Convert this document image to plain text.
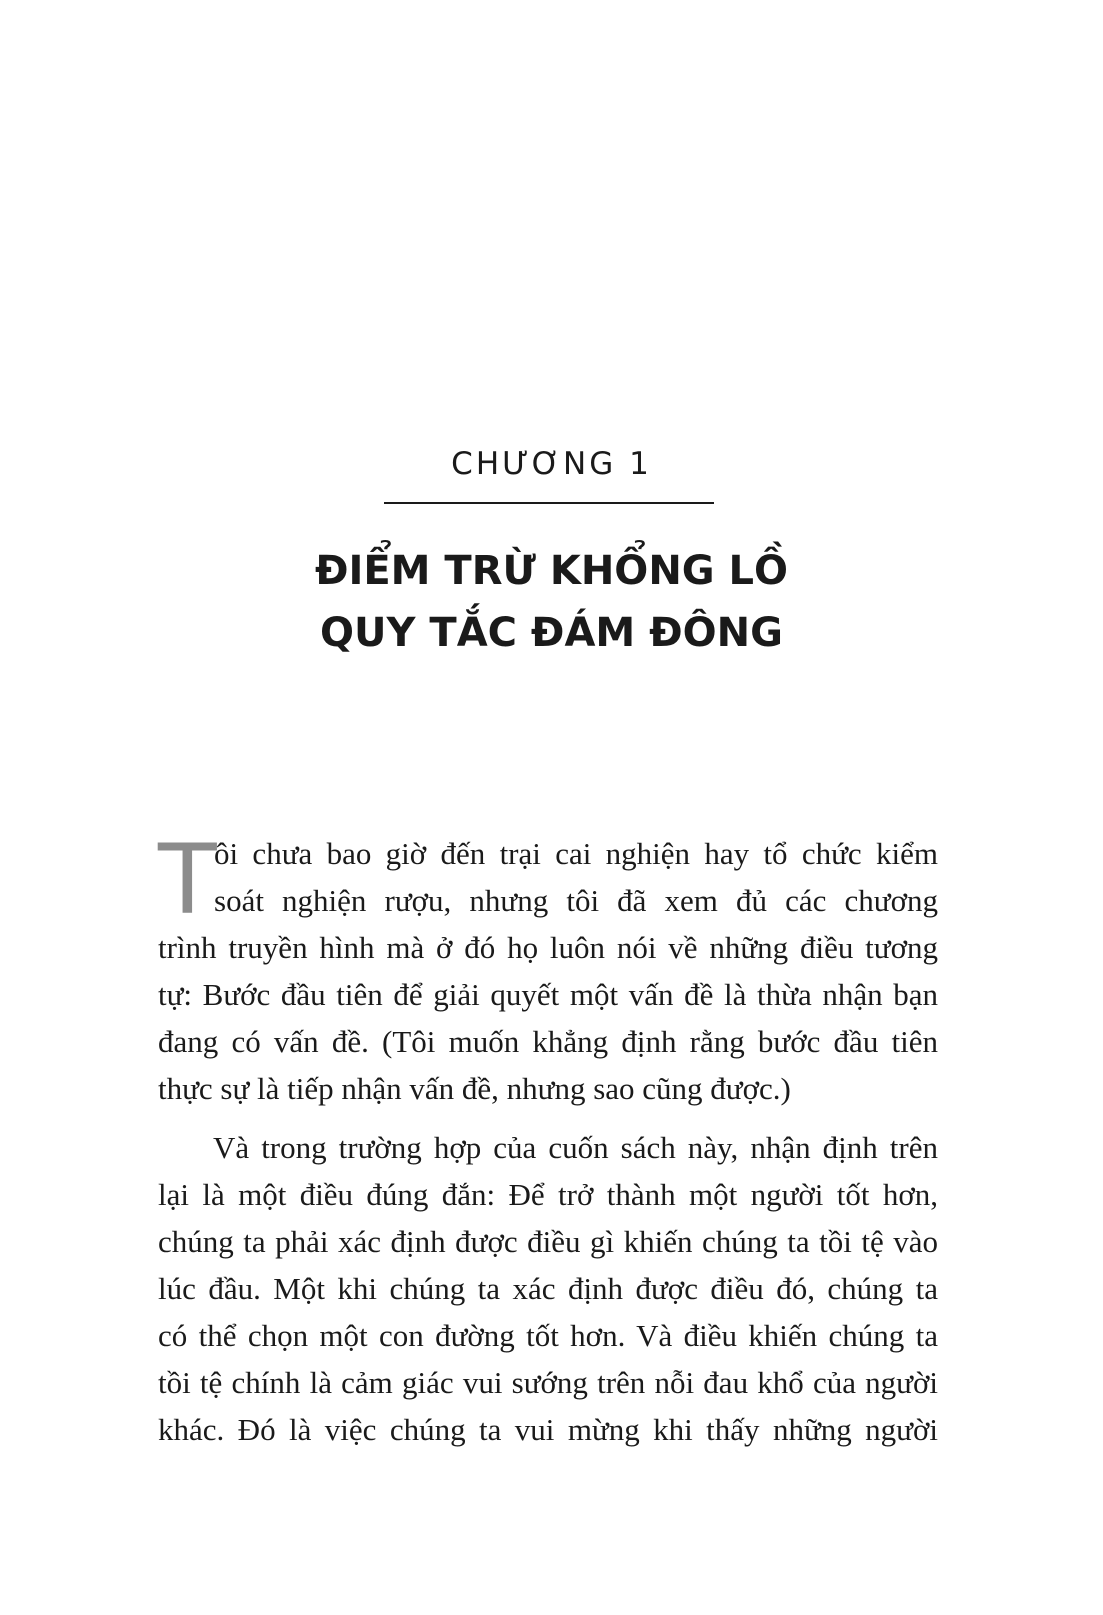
CHƯƠNG 1
ĐIỂM TRỪ KHỔNG LỒ
QUY TẮC ĐÁM ĐÔNG
T
ôi chưa bao giờ đến trại cai nghiện hay tổ chức kiểm
soát nghiện rượu, nhưng tôi đã xem đủ các chương
trình truyền hình mà ở đó họ luôn nói về những điều tương
tự: Bước đầu tiên để giải quyết một vấn đề là thừa nhận bạn
đang có vấn đề. (Tôi muốn khẳng định rằng bước đầu tiên
thực sự là tiếp nhận vấn đề, nhưng sao cũng được.)
Và trong trường hợp của cuốn sách này, nhận định trên
lại là một điều đúng đắn: Để trở thành một người tốt hơn,
chúng ta phải xác định được điều gì khiến chúng ta tồi tệ vào
lúc đầu. Một khi chúng ta xác định được điều đó, chúng ta
có thể chọn một con đường tốt hơn. Và điều khiến chúng ta
tồi tệ chính là cảm giác vui sướng trên nỗi đau khổ của người
khác. Đó là việc chúng ta vui mừng khi thấy những người
